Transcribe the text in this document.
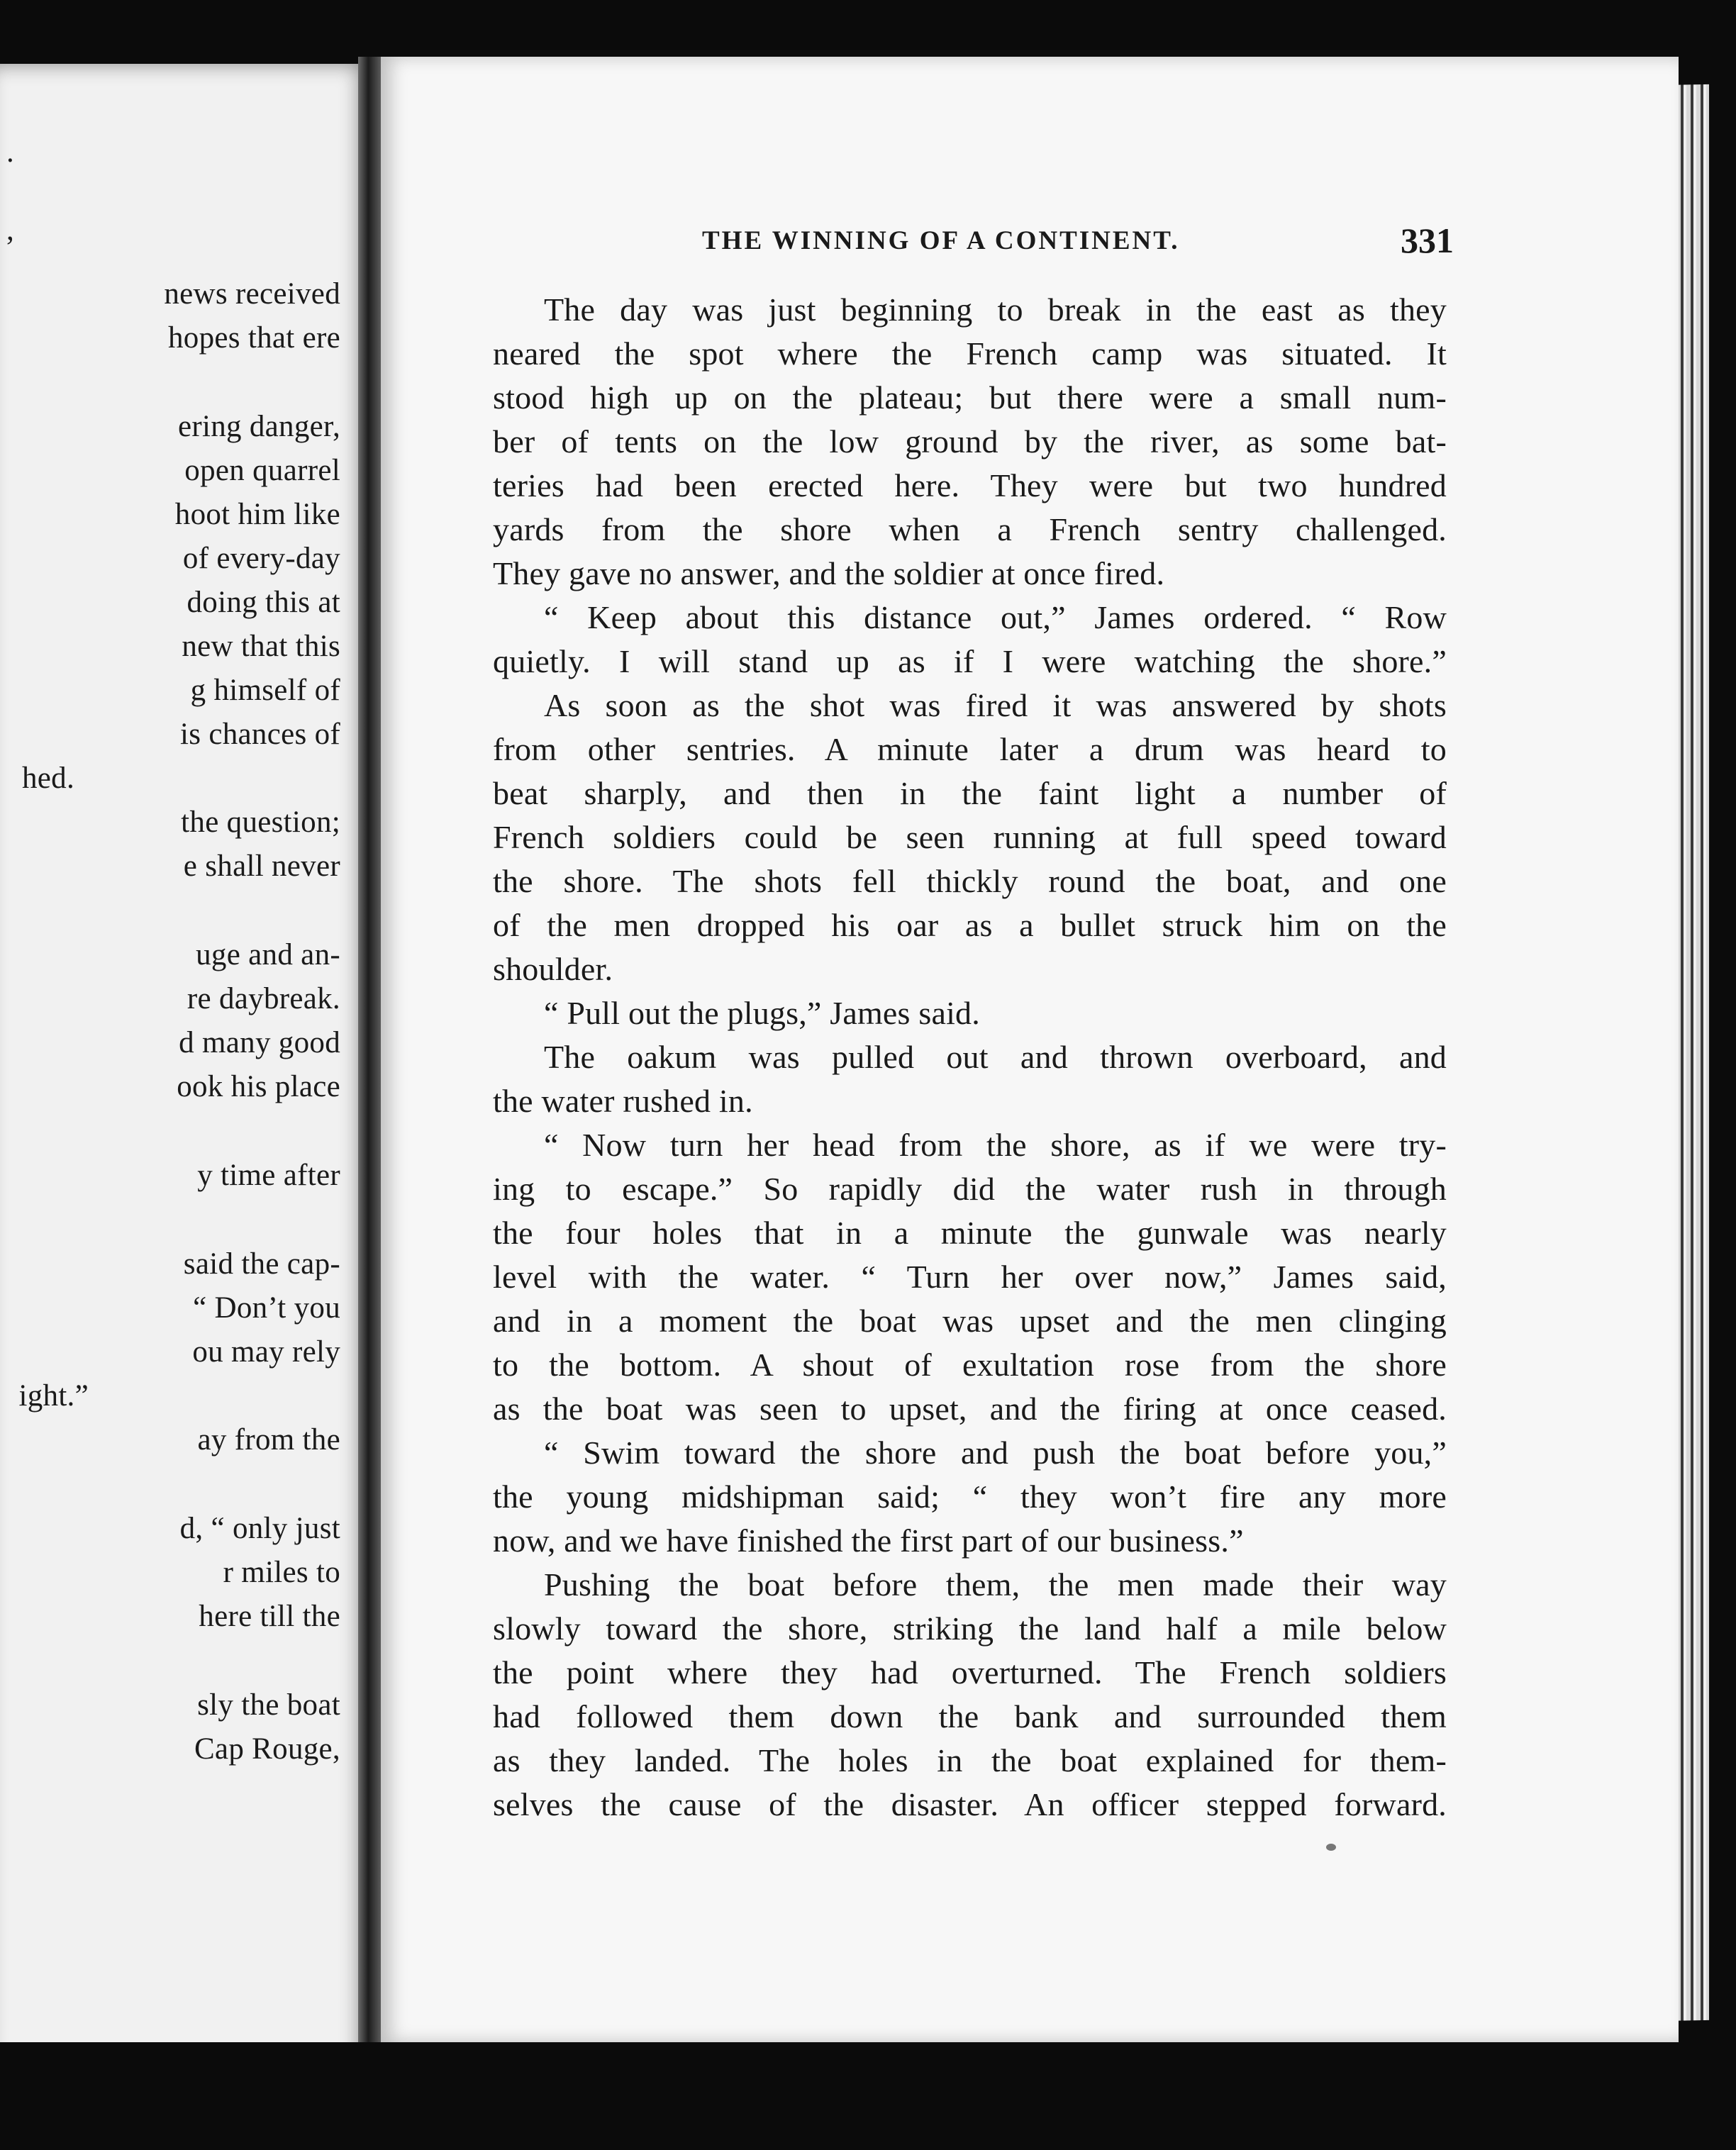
.
,
news received
hopes that ere
ering danger,
open quarrel
hoot him like
of every-day
doing this at
new that this
g himself of
is chances of
hed.
the question;
e shall never
uge and an-
re daybreak.
d many good
ook his place
y time after
said the cap-
“ Don’t you
ou may rely
ight.”
ay from the
d, “ only just
r miles to
here till the
sly the boat
Cap Rouge,
THE WINNING OF A CONTINENT.	331
The day was just beginning to break in the east as they
neared the spot where the French camp was situated. It
stood high up on the plateau; but there were a small num-
ber of tents on the low ground by the river, as some bat-
teries had been erected here. They were but two hundred
yards from the shore when a French sentry challenged.
They gave no answer, and the soldier at once fired.
“ Keep about this distance out,” James ordered. “ Row
quietly. I will stand up as if I were watching the shore.”
As soon as the shot was fired it was answered by shots
from other sentries. A minute later a drum was heard to
beat sharply, and then in the faint light a number of
French soldiers could be seen running at full speed toward
the shore. The shots fell thickly round the boat, and one
of the men dropped his oar as a bullet struck him on the
shoulder.
“ Pull out the plugs,” James said.
The oakum was pulled out and thrown overboard, and
the water rushed in.
“ Now turn her head from the shore, as if we were try-
ing to escape.” So rapidly did the water rush in through
the four holes that in a minute the gunwale was nearly
level with the water. “ Turn her over now,” James said,
and in a moment the boat was upset and the men clinging
to the bottom. A shout of exultation rose from the shore
as the boat was seen to upset, and the firing at once ceased.
“ Swim toward the shore and push the boat before you,”
the young midshipman said; “ they won’t fire any more
now, and we have finished the first part of our business.”
Pushing the boat before them, the men made their way
slowly toward the shore, striking the land half a mile below
the point where they had overturned. The French soldiers
had followed them down the bank and surrounded them
as they landed. The holes in the boat explained for them-
selves the cause of the disaster. An officer stepped forward.
